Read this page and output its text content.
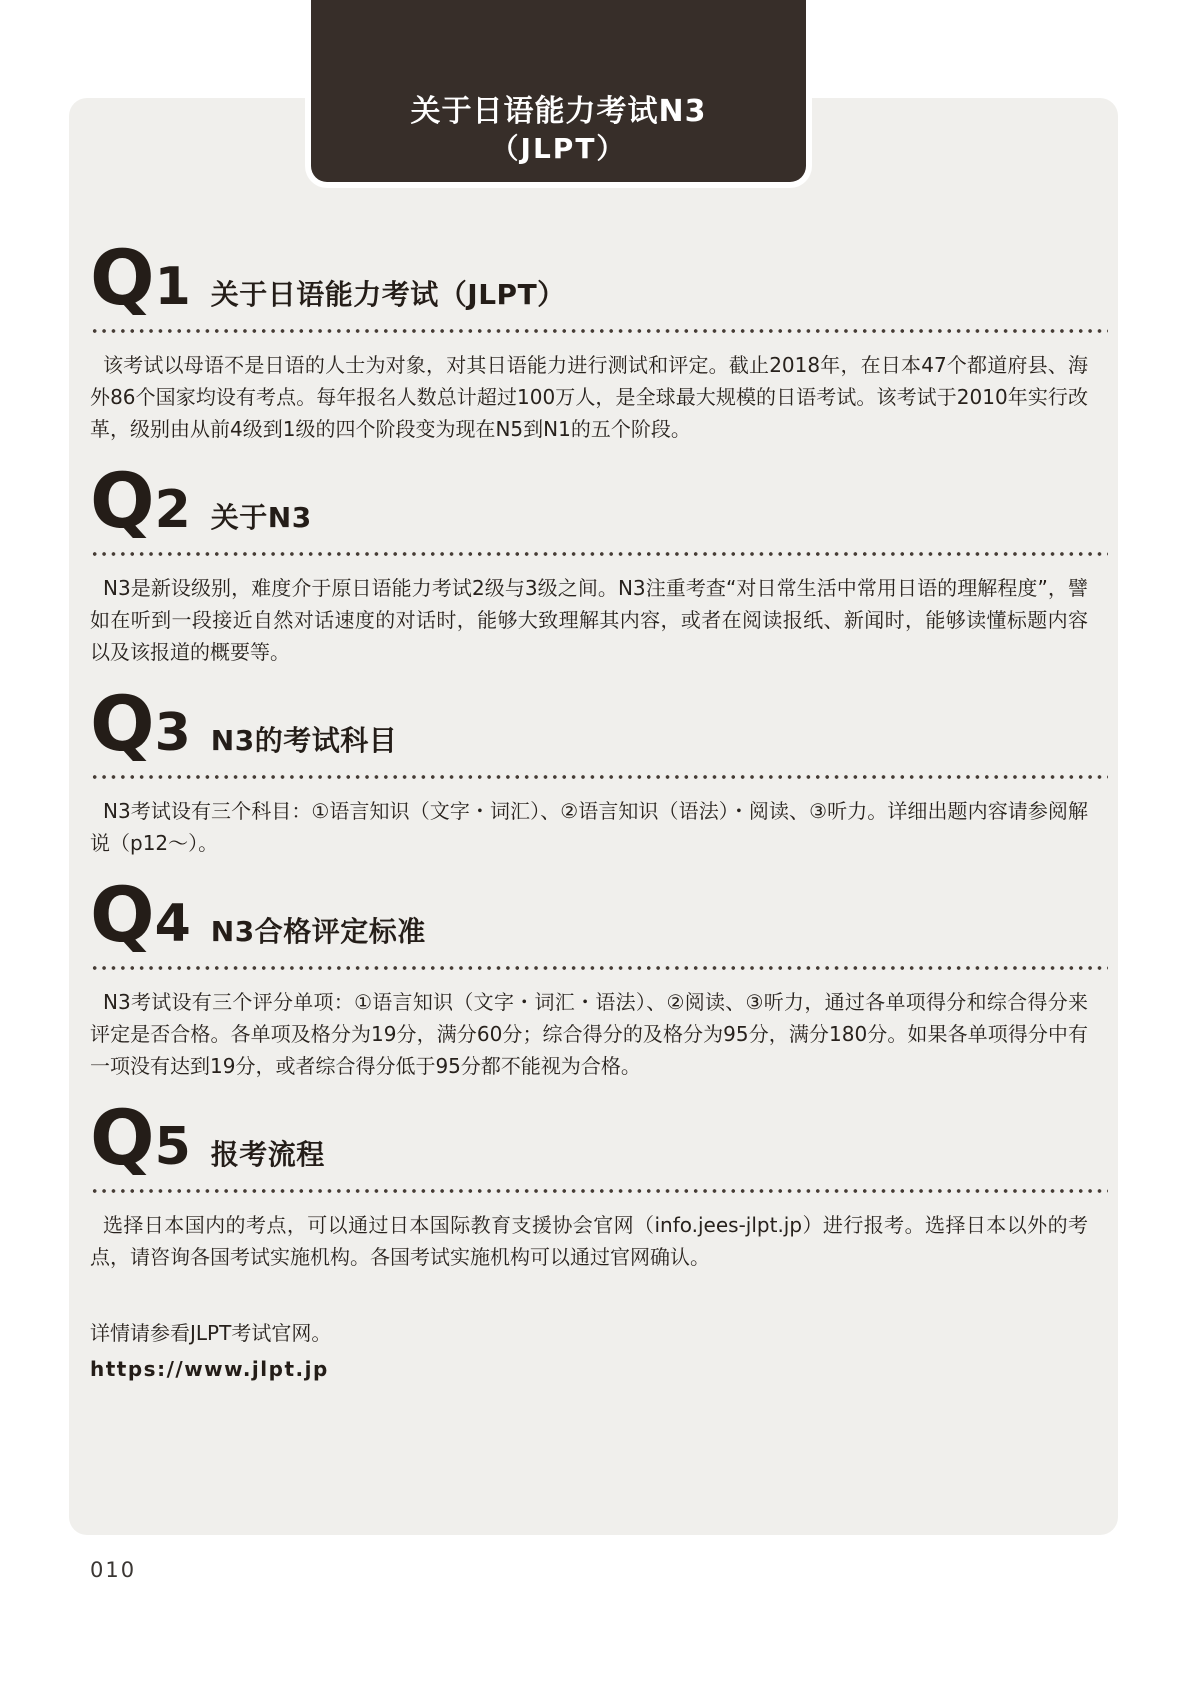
关于日语能力考试N3
（JLPT）
Q 1 关于日语能力考试（JLPT）

该考试以母语不是日语的人士为对象，对其日语能力进行测试和评定。截止2018年，在日本47个都道府县、海外86个国家均设有考点。每年报名人数总计超过100万人，是全球最大规模的日语考试。该考试于2010年实行改革，级别由从前4级到1级的四个阶段变为现在N5到N1的五个阶段。

Q 2 关于N3

N3是新设级别，难度介于原日语能力考试2级与3级之间。N3注重考查“对日常生活中常用日语的理解程度”，譬如在听到一段接近自然对话速度的对话时，能够大致理解其内容，或者在阅读报纸、新闻时，能够读懂标题内容以及该报道的概要等。

Q 3 N3的考试科目

N3考试设有三个科目：①语言知识（文字・词汇）、②语言知识（语法）・阅读、③听力。详细出题内容请参阅解说（p12～）。

Q 4 N3合格评定标准

N3考试设有三个评分单项：①语言知识（文字・词汇・语法）、②阅读、③听力，通过各单项得分和综合得分来评定是否合格。各单项及格分为19分，满分60分；综合得分的及格分为95分，满分180分。如果各单项得分中有一项没有达到19分，或者综合得分低于95分都不能视为合格。

Q 5 报考流程

选择日本国内的考点，可以通过日本国际教育支援协会官网（info.jees-jlpt.jp）进行报考。选择日本以外的考点，请咨询各国考试实施机构。各国考试实施机构可以通过官网确认。

详情请参看JLPT考试官网。
https://www.jlpt.jp
010
